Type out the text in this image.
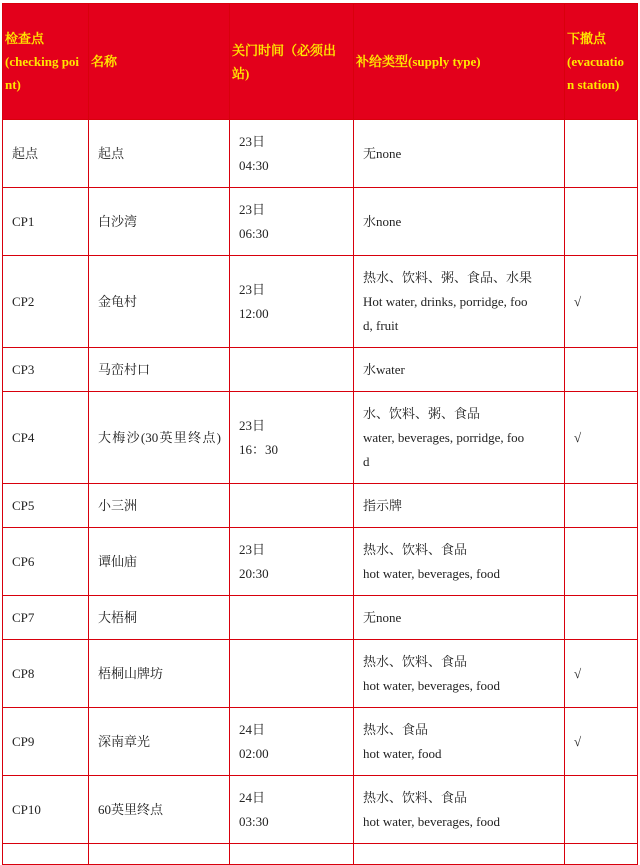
检查点
(checking poi
nt)	名称	关门时间（必须出
站)	补给类型(supply type)	下撤点
(evacuatio
n station)

起点	起点	23日
04:30	无none	

CP1	白沙湾	23日
06:30	水none	

CP2	金龟村	23日
12:00	热水、饮料、粥、食品、水果
Hot water, drinks, porridge, foo
d, fruit	√
CP3	马峦村口		水water	

CP4	大梅沙(30英里终点)	23日
16：30	水、饮料、粥、食品
water, beverages, porridge, foo
d	√
CP5	小三洲		指示牌	

CP6	谭仙庙	23日
20:30	热水、饮料、食品
hot water, beverages, food	

CP7	大梧桐		无none	

CP8	梧桐山牌坊		热水、饮料、食品
hot water, beverages, food	√
CP9	深南章光	24日
02:00	热水、食品
hot water, food	√
CP10	60英里终点	24日
03:30	热水、饮料、食品
hot water, beverages, food	
